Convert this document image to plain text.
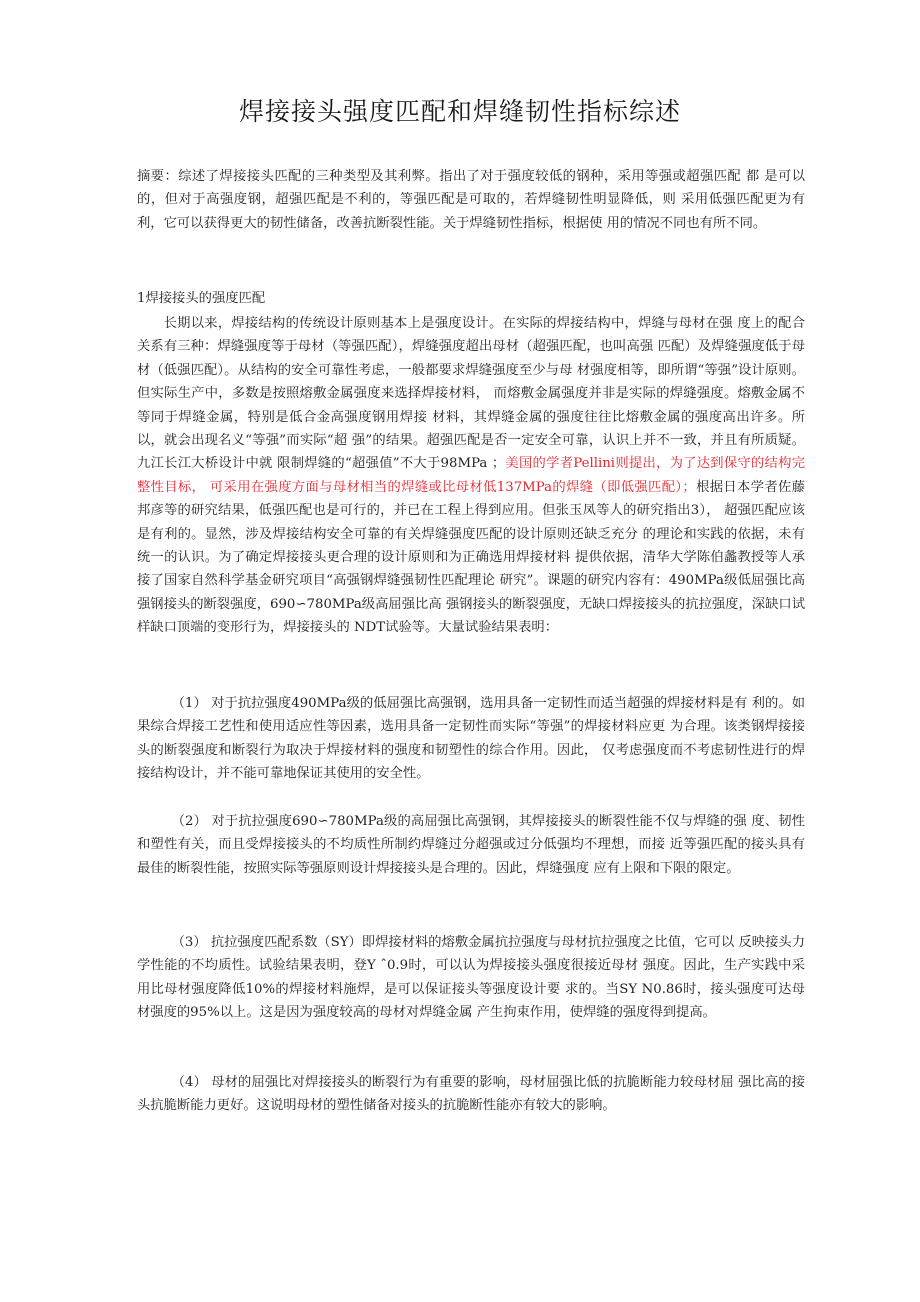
焊接接头强度匹配和焊缝韧性指标综述
摘要：综述了焊接接头匹配的三种类型及其利弊。指出了对于强度较低的钢种，采用等强或超强匹配 都 是可以的，但对于高强度钢，超强匹配是不利的，等强匹配是可取的，若焊缝韧性明显降低，则 采用低强匹配更为有利，它可以获得更大的韧性储备，改善抗断裂性能。关于焊缝韧性指标，根据使 用的情况不同也有所不同。
1焊接接头的强度匹配
长期以来，焊接结构的传统设计原则基本上是强度设计。在实际的焊接结构中，焊缝与母材在强 度上的配合关系有三种：焊缝强度等于母材（等强匹配），焊缝强度超出母材（超强匹配，也叫高强 匹配）及焊缝强度低于母材（低强匹配）。从结构的安全可靠性考虑，一般都要求焊缝强度至少与母 材强度相等，即所谓“等强”设计原则。但实际生产中，多数是按照熔敷金属强度来选择焊接材料， 而熔敷金属强度并非是实际的焊缝强度。熔敷金属不等同于焊缝金属，特别是低合金高强度钢用焊接 材料，其焊缝金属的强度往往比熔敷金属的强度高出许多。所以，就会出现名义“等强”而实际“超 强”的结果。超强匹配是否一定安全可靠，认识上并不一致，并且有所质疑。九江长江大桥设计中就 限制焊缝的“超强值”不大于98MPa ；美国的学者Pellini则提出，为了达到保守的结构完整性目标， 可采用在强度方面与母材相当的焊缝或比母材低137MPa的焊缝（即低强匹配）；根据日本学者佐藤 邦彦等的研究结果，低强匹配也是可行的，并已在工程上得到应用。但张玉凤等人的研究指出3）， 超强匹配应该是有利的。显然，涉及焊接结构安全可靠的有关焊缝强度匹配的设计原则还缺乏充分 的理论和实践的依据，未有统一的认识。为了确定焊接接头更合理的设计原则和为正确选用焊接材料 提供依据，清华大学陈伯蠡教授等人承接了国家自然科学基金研究项目“高强钢焊缝强韧性匹配理论 研究”。课题的研究内容有：490MPa级低屈强比高强钢接头的断裂强度，690∽780MPa级高屈强比高 强钢接头的断裂强度，无缺口焊接接头的抗拉强度，深缺口试样缺口顶端的变形行为，焊接接头的 NDT试验等。大量试验结果表明：
（1） 对于抗拉强度490MPa级的低屈强比高强钢，选用具备一定韧性而适当超强的焊接材料是有 利的。如果综合焊接工艺性和使用适应性等因素，选用具备一定韧性而实际“等强”的焊接材料应更 为合理。该类钢焊接接头的断裂强度和断裂行为取决于焊接材料的强度和韧塑性的综合作用。因此， 仅考虑强度而不考虑韧性进行的焊接结构设计，并不能可靠地保证其使用的安全性。
（2） 对于抗拉强度690∽780MPa级的高屈强比高强钢，其焊接接头的断裂性能不仅与焊缝的强 度、韧性和塑性有关，而且受焊接接头的不均质性所制约焊缝过分超强或过分低强均不理想，而接 近等强匹配的接头具有最佳的断裂性能，按照实际等强原则设计焊接接头是合理的。因此，焊缝强度 应有上限和下限的限定。
（3） 抗拉强度匹配系数（SY）即焊接材料的熔敷金属抗拉强度与母材抗拉强度之比值，它可以 反映接头力学性能的不均质性。试验结果表明，登Y ˆ0.9时，可以认为焊接接头强度很接近母材 强度。因此，生产实践中采用比母材强度降低10%的焊接材料施焊，是可以保证接头等强度设计要 求的。当SY N0.86时，接头强度可达母材强度的95%以上。这是因为强度较高的母材对焊缝金属 产生拘束作用，使焊缝的强度得到提高。
（4） 母材的屈强比对焊接接头的断裂行为有重要的影响，母材屈强比低的抗脆断能力较母材屈 强比高的接头抗脆断能力更好。这说明母材的塑性储备对接头的抗脆断性能亦有较大的影响。
